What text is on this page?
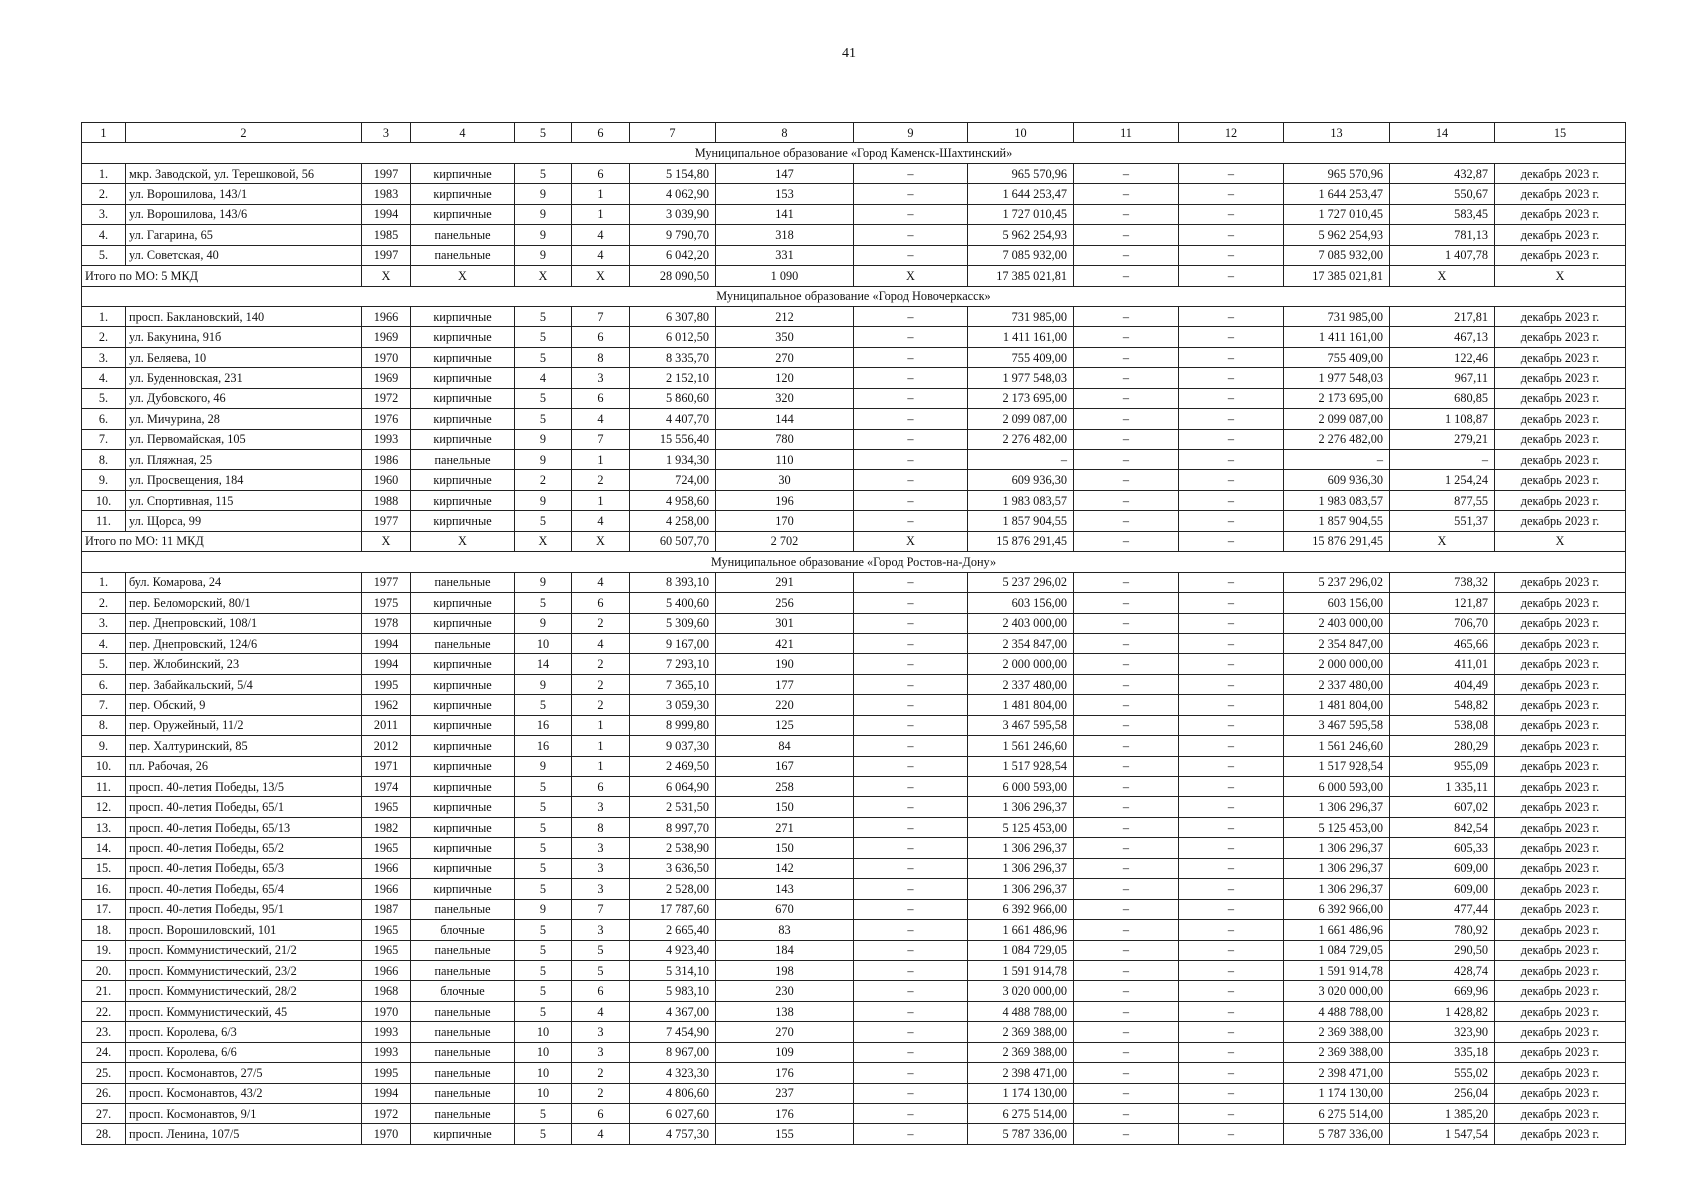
41
1	2	3	4	5	6	7	8	9	10	11	12	13	14	15
Муниципальное образование «Город Каменск-Шахтинский»														
1.	мкр. Заводской, ул. Терешковой, 56	1997	кирпичные	5	6	5 154,80	147	–	965 570,96	–	–	965 570,96	432,87	декабрь 2023 г.
2.	ул. Ворошилова, 143/1	1983	кирпичные	9	1	4 062,90	153	–	1 644 253,47	–	–	1 644 253,47	550,67	декабрь 2023 г.
3.	ул. Ворошилова, 143/6	1994	кирпичные	9	1	3 039,90	141	–	1 727 010,45	–	–	1 727 010,45	583,45	декабрь 2023 г.
4.	ул. Гагарина, 65	1985	панельные	9	4	9 790,70	318	–	5 962 254,93	–	–	5 962 254,93	781,13	декабрь 2023 г.
5.	ул. Советская, 40	1997	панельные	9	4	6 042,20	331	–	7 085 932,00	–	–	7 085 932,00	1 407,78	декабрь 2023 г.
Итого по МО: 5 МКД		X	X	X	X	28 090,50	1 090	X	17 385 021,81	–	–	17 385 021,81	X	X
Муниципальное образование «Город Новочеркасск»														
1.	просп. Баклановский, 140	1966	кирпичные	5	7	6 307,80	212	–	731 985,00	–	–	731 985,00	217,81	декабрь 2023 г.
2.	ул. Бакунина, 91б	1969	кирпичные	5	6	6 012,50	350	–	1 411 161,00	–	–	1 411 161,00	467,13	декабрь 2023 г.
3.	ул. Беляева, 10	1970	кирпичные	5	8	8 335,70	270	–	755 409,00	–	–	755 409,00	122,46	декабрь 2023 г.
4.	ул. Буденновская, 231	1969	кирпичные	4	3	2 152,10	120	–	1 977 548,03	–	–	1 977 548,03	967,11	декабрь 2023 г.
5.	ул. Дубовского, 46	1972	кирпичные	5	6	5 860,60	320	–	2 173 695,00	–	–	2 173 695,00	680,85	декабрь 2023 г.
6.	ул. Мичурина, 28	1976	кирпичные	5	4	4 407,70	144	–	2 099 087,00	–	–	2 099 087,00	1 108,87	декабрь 2023 г.
7.	ул. Первомайская, 105	1993	кирпичные	9	7	15 556,40	780	–	2 276 482,00	–	–	2 276 482,00	279,21	декабрь 2023 г.
8.	ул. Пляжная, 25	1986	панельные	9	1	1 934,30	110	–	–	–	–	–	–	декабрь 2023 г.
9.	ул. Просвещения, 184	1960	кирпичные	2	2	724,00	30	–	609 936,30	–	–	609 936,30	1 254,24	декабрь 2023 г.
10.	ул. Спортивная, 115	1988	кирпичные	9	1	4 958,60	196	–	1 983 083,57	–	–	1 983 083,57	877,55	декабрь 2023 г.
11.	ул. Щорса, 99	1977	кирпичные	5	4	4 258,00	170	–	1 857 904,55	–	–	1 857 904,55	551,37	декабрь 2023 г.
Итого по МО: 11 МКД		X	X	X	X	60 507,70	2 702	X	15 876 291,45	–	–	15 876 291,45	X	X
Муниципальное образование «Город Ростов-на-Дону»														
1.	бул. Комарова, 24	1977	панельные	9	4	8 393,10	291	–	5 237 296,02	–	–	5 237 296,02	738,32	декабрь 2023 г.
2.	пер. Беломорский, 80/1	1975	кирпичные	5	6	5 400,60	256	–	603 156,00	–	–	603 156,00	121,87	декабрь 2023 г.
3.	пер. Днепровский, 108/1	1978	кирпичные	9	2	5 309,60	301	–	2 403 000,00	–	–	2 403 000,00	706,70	декабрь 2023 г.
4.	пер. Днепровский, 124/6	1994	панельные	10	4	9 167,00	421	–	2 354 847,00	–	–	2 354 847,00	465,66	декабрь 2023 г.
5.	пер. Жлобинский, 23	1994	кирпичные	14	2	7 293,10	190	–	2 000 000,00	–	–	2 000 000,00	411,01	декабрь 2023 г.
6.	пер. Забайкальский, 5/4	1995	кирпичные	9	2	7 365,10	177	–	2 337 480,00	–	–	2 337 480,00	404,49	декабрь 2023 г.
7.	пер. Обский, 9	1962	кирпичные	5	2	3 059,30	220	–	1 481 804,00	–	–	1 481 804,00	548,82	декабрь 2023 г.
8.	пер. Оружейный, 11/2	2011	кирпичные	16	1	8 999,80	125	–	3 467 595,58	–	–	3 467 595,58	538,08	декабрь 2023 г.
9.	пер. Халтуринский, 85	2012	кирпичные	16	1	9 037,30	84	–	1 561 246,60	–	–	1 561 246,60	280,29	декабрь 2023 г.
10.	пл. Рабочая, 26	1971	кирпичные	9	1	2 469,50	167	–	1 517 928,54	–	–	1 517 928,54	955,09	декабрь 2023 г.
11.	просп. 40-летия Победы, 13/5	1974	кирпичные	5	6	6 064,90	258	–	6 000 593,00	–	–	6 000 593,00	1 335,11	декабрь 2023 г.
12.	просп. 40-летия Победы, 65/1	1965	кирпичные	5	3	2 531,50	150	–	1 306 296,37	–	–	1 306 296,37	607,02	декабрь 2023 г.
13.	просп. 40-летия Победы, 65/13	1982	кирпичные	5	8	8 997,70	271	–	5 125 453,00	–	–	5 125 453,00	842,54	декабрь 2023 г.
14.	просп. 40-летия Победы, 65/2	1965	кирпичные	5	3	2 538,90	150	–	1 306 296,37	–	–	1 306 296,37	605,33	декабрь 2023 г.
15.	просп. 40-летия Победы, 65/3	1966	кирпичные	5	3	3 636,50	142	–	1 306 296,37	–	–	1 306 296,37	609,00	декабрь 2023 г.
16.	просп. 40-летия Победы, 65/4	1966	кирпичные	5	3	2 528,00	143	–	1 306 296,37	–	–	1 306 296,37	609,00	декабрь 2023 г.
17.	просп. 40-летия Победы, 95/1	1987	панельные	9	7	17 787,60	670	–	6 392 966,00	–	–	6 392 966,00	477,44	декабрь 2023 г.
18.	просп. Ворошиловский, 101	1965	блочные	5	3	2 665,40	83	–	1 661 486,96	–	–	1 661 486,96	780,92	декабрь 2023 г.
19.	просп. Коммунистический, 21/2	1965	панельные	5	5	4 923,40	184	–	1 084 729,05	–	–	1 084 729,05	290,50	декабрь 2023 г.
20.	просп. Коммунистический, 23/2	1966	панельные	5	5	5 314,10	198	–	1 591 914,78	–	–	1 591 914,78	428,74	декабрь 2023 г.
21.	просп. Коммунистический, 28/2	1968	блочные	5	6	5 983,10	230	–	3 020 000,00	–	–	3 020 000,00	669,96	декабрь 2023 г.
22.	просп. Коммунистический, 45	1970	панельные	5	4	4 367,00	138	–	4 488 788,00	–	–	4 488 788,00	1 428,82	декабрь 2023 г.
23.	просп. Королева, 6/3	1993	панельные	10	3	7 454,90	270	–	2 369 388,00	–	–	2 369 388,00	323,90	декабрь 2023 г.
24.	просп. Королева, 6/6	1993	панельные	10	3	8 967,00	109	–	2 369 388,00	–	–	2 369 388,00	335,18	декабрь 2023 г.
25.	просп. Космонавтов, 27/5	1995	панельные	10	2	4 323,30	176	–	2 398 471,00	–	–	2 398 471,00	555,02	декабрь 2023 г.
26.	просп. Космонавтов, 43/2	1994	панельные	10	2	4 806,60	237	–	1 174 130,00	–	–	1 174 130,00	256,04	декабрь 2023 г.
27.	просп. Космонавтов, 9/1	1972	панельные	5	6	6 027,60	176	–	6 275 514,00	–	–	6 275 514,00	1 385,20	декабрь 2023 г.
28.	просп. Ленина, 107/5	1970	кирпичные	5	4	4 757,30	155	–	5 787 336,00	–	–	5 787 336,00	1 547,54	декабрь 2023 г.
